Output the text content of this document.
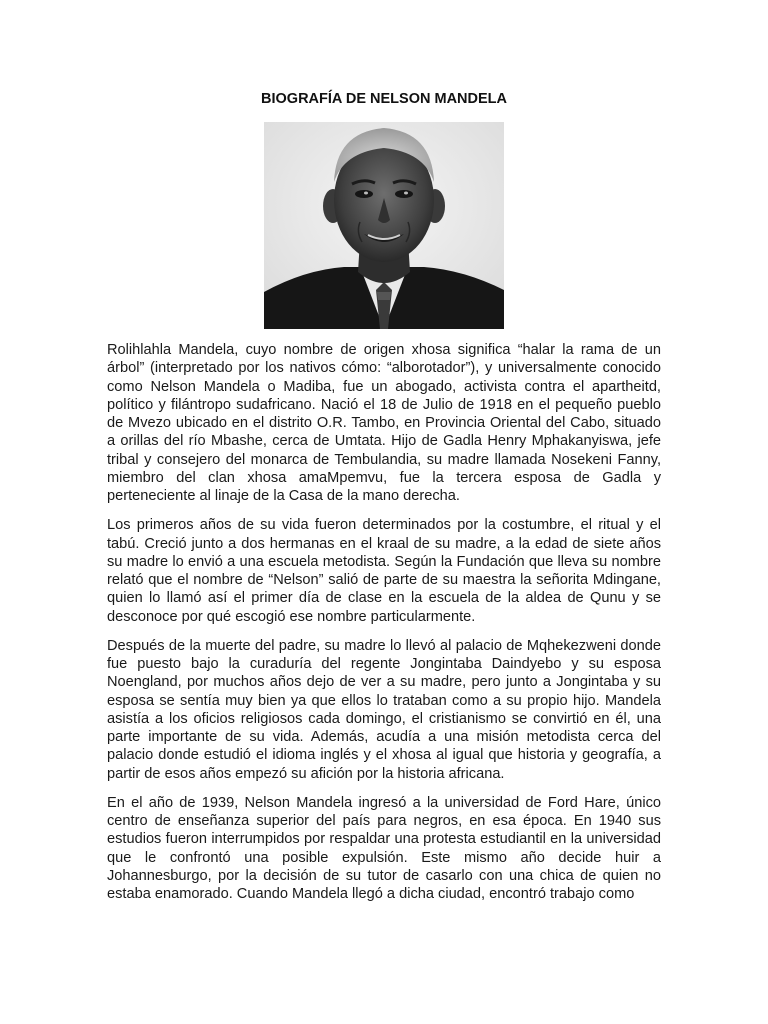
BIOGRAFÍA DE NELSON MANDELA

Rolihlahla Mandela, cuyo nombre de origen xhosa significa “halar la rama de un árbol” (interpretado por los nativos cómo: “alborotador”), y universalmente conocido como Nelson Mandela o Madiba, fue un abogado, activista contra el apartheitd, político y filántropo sudafricano. Nació el 18 de Julio de 1918 en el pequeño pueblo de Mvezo ubicado en el distrito O.R. Tambo, en Provincia Oriental del Cabo, situado a orillas del río Mbashe, cerca de Umtata. Hijo de Gadla Henry Mphakanyiswa, jefe tribal y consejero del monarca de Tembulandia, su madre llamada Nosekeni Fanny, miembro del clan xhosa amaMpemvu, fue la tercera esposa de Gadla y perteneciente al linaje de la Casa de la mano derecha.

Los primeros años de su vida fueron determinados por la costumbre, el ritual y el tabú. Creció junto a dos hermanas en el kraal de su madre, a la edad de siete años su madre lo envió a una escuela metodista. Según la Fundación que lleva su nombre relató que el nombre de “Nelson” salió de parte de su maestra la señorita Mdingane, quien lo llamó así el primer día de clase en la escuela de la aldea de Qunu y se desconoce por qué escogió ese nombre particularmente.

Después de la muerte del padre, su madre lo llevó al palacio de Mqhekezweni donde fue puesto bajo la curaduría del regente Jongintaba Daindyebo y su esposa Noengland, por muchos años dejo de ver a su madre, pero junto a Jongintaba y su esposa se sentía muy bien ya que ellos lo trataban como a su propio hijo. Mandela asistía a los oficios religiosos cada domingo, el cristianismo se convirtió en él, una parte importante de su vida. Además, acudía a una misión metodista cerca del palacio donde estudió el idioma inglés y el xhosa al igual que historia y geografía, a partir de esos años empezó su afición por la historia africana.

En el año de 1939, Nelson Mandela ingresó a la universidad de Ford Hare, único centro de enseñanza superior del país para negros, en esa época. En 1940 sus estudios fueron interrumpidos por respaldar una protesta estudiantil en la universidad que le confrontó una posible expulsión. Este mismo año decide huir a Johannesburgo, por la decisión de su tutor de casarlo con una chica de quien no estaba enamorado. Cuando Mandela llegó a dicha ciudad, encontró trabajo como
